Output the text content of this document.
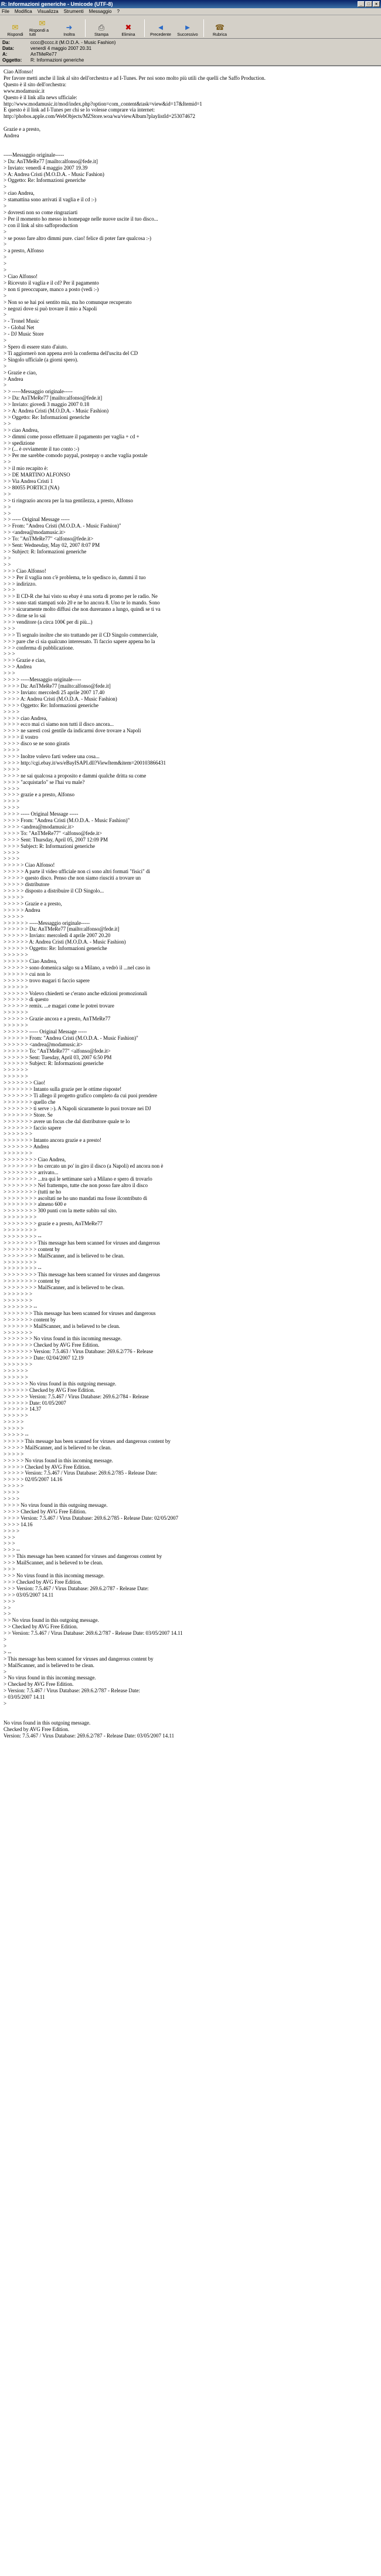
R: Informazioni generiche - Umicode (UTF-8)	_	□	×
File Modifica Visualizza Strumenti Messaggio ?
✉
Rispondi
✉
Rispondi a tutti
➜
Inoltra
⎙
Stampa
✖
Elimina
◄
Precedente
►
Successivo
☎
Rubrica
Da:	cccc@cccc.it (M.O.D.A. - Music Fashion)
Data:	venerdì 4 maggio 2007 20.31
A:	AnTMeRe77
Oggetto:	R: Informazioni generiche
Ciao Alfonso!
Per favore metti anche il link al sito dell'orchestra e ad I-Tunes. Per noi sono molto più utili che quelli che Saffo Production.
Questo è il sito dell'orchestra:
www.modamusic.it
Questo è il link alla news ufficiale:
http://www.modamusic.it/mod/index.php?option=com_content&task=view&id=17&Itemid=1
E questo è il link ad I-Tunes per chi se lo volesse comprare via internet:
http://phobos.apple.com/WebObjects/MZStore.woa/wa/viewAlbum?playlistId=253074672

Grazie e a presto,
Andrea

-----Messaggio originale-----
> Da: AnTMeRe77 [mailto:alfonso@fede.it]
> Inviato: venerdì 4 maggio 2007 19.39
> A: Andrea Cristi (M.O.D.A. - Music Fashion)
> Oggetto: Re: Informazioni generiche
>
> ciao Andrea,
> stamattina sono arrivati il vaglia e il cd :-)
>
> dovresti non so come ringraziarti
> Per il momento ho messo in homepage nelle nuove uscite il tuo disco...
> con il link al sito saffoproduction
>
> se posso fare altro dimmi pure. ciao! felice di poter fare qualcosa :-)
>
> a presto, Alfonso
>
>
>
> Ciao Alfonso!
> Ricevuto il vaglia e il cd? Per il pagamento
> non ti preoccupare, manco a posto (vedi :-)
>
> Non so se hai poi sentito mia, ma ho comunque recuperato
> negozi dove si può trovare il mio a Napoli
>
> - Tronel Music
> - Global Net
> - DJ Music Store
>
> Spero di essere stato d'aiuto.
> Ti aggiornerò non appena avrò la conferma dell'uscita del CD
> Singolo ufficiale (a giorni spero).
>
> Grazie e ciao,
> Andrea
>
> > -----Messaggio originale-----
> > Da: AnTMeRe77 [mailto:alfonso@fede.it]
> > Inviato: giovedì 3 maggio 2007 0.18
> > A: Andrea Cristi (M.O.D.A. - Music Fashion)
> > Oggetto: Re: Informazioni generiche
> >
> > ciao Andrea,
> > dimmi come posso effettuare il pagamento per vaglia + cd +
> > spedizione
> > (... è ovviamente il tuo conto :-)
> > Per me sarebbe comodo paypal, postepay o anche vaglia postale
> >
> > il mio recapito è:
> > DE MARTINO ALFONSO
> > Via Andrea Cristi 1
> > 80055 PORTICI (NA)
> >
> > ti ringrazio ancora per la tua gentilezza, a presto, Alfonso
> >
> >
> > ----- Original Message -----
> > From: "Andrea Cristi (M.O.D.A. - Music Fashion)"
> > <andrea@modamusic.it>
> > To: "AnTMeRe77" <alfonso@fede.it>
> > Sent: Wednesday, May 02, 2007 8:07 PM
> > Subject: R: Informazioni generiche
> >
> >
> > > Ciao Alfonso!
> > > Per il vaglia non c'è problema, te lo spedisco io, dammi il tuo
> > > indirizzo.
> > >
> > > Il CD-R che hai visto su ebay è una sorta di promo per le radio. Ne
> > > sono stati stampati solo 20 e ne ho ancora 8. Uno te lo mando. Sono
> > > sicuramente molto diffusi che non dureranno a lungo, quindi se ti va
> > > dirne se lo sai
> > > venditore (a circa 100€ per di più...)
> > >
> > > Ti segnalo inoltre che sto trattando per il CD Singolo commerciale,
> > > pare che ci sia qualcuno interessato. Ti faccio sapere appena ho la
> > > conferma di pubblicazione.
> > >
> > > Grazie e ciao,
> > > Andrea
> > >
> > > > -----Messaggio originale-----
> > > > Da: AnTMeRe77 [mailto:alfonso@fede.it]
> > > > Inviato: mercoledì 25 aprile 2007 17.40
> > > > A: Andrea Cristi (M.O.D.A. - Music Fashion)
> > > > Oggetto: Re: Informazioni generiche
> > > >
> > > > ciao Andrea,
> > > > ecco mai ci siamo non tutti il disco ancora...
> > > > ne saresti così gentile da indicarmi dove trovare a Napoli
> > > > il vostro
> > > > disco se ne sono giratis
> > > >
> > > > Inoltre volevo farti vedere una cosa...
> > > > http://cgi.ebay.it/ws/eBayISAPI.dll?ViewItem&item=200103866431
> > > >
> > > > ne sai qualcosa a proposito e dammi qualche dritta su come
> > > > "acquistarlo" se l'hai vu male?
> > > >
> > > > grazie e a presto, Alfonso
> > > >
> > > >
> > > > ----- Original Message -----
> > > > From: "Andrea Cristi (M.O.D.A. - Music Fashion)"
> > > > <andrea@modamusic.it>
> > > > To: "AnTMeRe77" <alfonso@fede.it>
> > > > Sent: Thursday, April 05, 2007 12:09 PM
> > > > Subject: R: Informazioni generiche
> > > >
> > > >
> > > > > Ciao Alfonso!
> > > > > A parte il video ufficiale non ci sono altri formati "fisici" di
> > > > > questo disco. Penso che non siamo riusciti a trovare un
> > > > > distributore
> > > > > disposto a distribuire il CD Singolo...
> > > > >
> > > > > Grazie e a presto,
> > > > > Andrea
> > > > >
> > > > > > -----Messaggio originale-----
> > > > > > Da: AnTMeRe77 [mailto:alfonso@fede.it]
> > > > > > Inviato: mercoledì 4 aprile 2007 20.20
> > > > > > A: Andrea Cristi (M.O.D.A. - Music Fashion)
> > > > > > Oggetto: Re: Informazioni generiche
> > > > > >
> > > > > > Ciao Andrea,
> > > > > > sono domenica salgo su a Milano, a vedrò il ...nel caso in
> > > > > > cui non lo
> > > > > > trovo magari ti faccio sapere
> > > > > >
> > > > > > Volevo chiederti se c'erano anche edizioni promozionali
> > > > > > di questo
> > > > > > remix. ...e magari come le potrei trovare
> > > > > >
> > > > > > Grazie ancora e a presto, AnTMeRe77
> > > > > >
> > > > > > ----- Original Message -----
> > > > > > From: "Andrea Cristi (M.O.D.A. - Music Fashion)"
> > > > > > <andrea@modamusic.it>
> > > > > > To: "AnTMeRe77" <alfonso@fede.it>
> > > > > > Sent: Tuesday, April 03, 2007 6:50 PM
> > > > > > Subject: R: Informazioni generiche
> > > > > >
> > > > > >
> > > > > > > Ciao!
> > > > > > > Intanto sulla grazie per le ottime risposte!
> > > > > > > Ti allego il progetto grafico completo da cui puoi prendere
> > > > > > > quello che
> > > > > > > ti serve :-). A Napoli sicuramente lo puoi trovare nei DJ
> > > > > > > Store. Se
> > > > > > > avere un focus che dal distributore quale te lo
> > > > > > > faccio sapere
> > > > > > >
> > > > > > > Intanto ancora grazie e a presto!
> > > > > > > Andrea
> > > > > > >
> > > > > > > > Ciao Andrea,
> > > > > > > > ho cercato un po' in giro il disco (a Napoli) ed ancora non è
> > > > > > > > arrivato...
> > > > > > > > ...tra qui le settimane sarò a Milano e spero di trovarlo
> > > > > > > > Nel frattempo, tutte che non posso fare altro il disco
> > > > > > > > (tutti ne ho
> > > > > > > > ascoltati ne ho uno mandati ma fosse ilcontributo di
> > > > > > > > almeno 600 e
> > > > > > > > 300 punti con la mette subito sul sito.
> > > > > > > >
> > > > > > > > grazie e a presto, AnTMeRe77
> > > > > > > >
> > > > > > > > --
> > > > > > > > This message has been scanned for viruses and dangerous
> > > > > > > > content by
> > > > > > > > MailScanner, and is believed to be clean.
> > > > > > > >
> > > > > > > > --
> > > > > > > > This message has been scanned for viruses and dangerous
> > > > > > > > content by
> > > > > > > > MailScanner, and is believed to be clean.
> > > > > > >
> > > > > > >
> > > > > > > --
> > > > > > > This message has been scanned for viruses and dangerous
> > > > > > > content by
> > > > > > > MailScanner, and is believed to be clean.
> > > > > > >
> > > > > > > No virus found in this incoming message.
> > > > > > > Checked by AVG Free Edition.
> > > > > > > Version: 7.5.463 / Virus Database: 269.6.2/776 - Release
> > > > > > > Date: 02/04/2007 12.19
> > > > > > >
> > > > > >
> > > > > >
> > > > > > No virus found in this outgoing message.
> > > > > > Checked by AVG Free Edition.
> > > > > > Version: 7.5.467 / Virus Database: 269.6.2/784 - Release
> > > > > > Date: 01/05/2007
> > > > > > 14.37
> > > > > >
> > > > >
> > > > >
> > > > > --
> > > > > This message has been scanned for viruses and dangerous content by
> > > > > MailScanner, and is believed to be clean.
> > > > >
> > > > > No virus found in this incoming message.
> > > > > Checked by AVG Free Edition.
> > > > > Version: 7.5.467 / Virus Database: 269.6.2/785 - Release Date:
> > > > > 02/05/2007 14.16
> > > > >
> > > >
> > > >
> > > > No virus found in this outgoing message.
> > > > Checked by AVG Free Edition.
> > > > Version: 7.5.467 / Virus Database: 269.6.2/785 - Release Date: 02/05/2007
> > > > 14.16
> > > >
> > >
> > >
> > > --
> > > This message has been scanned for viruses and dangerous content by
> > > MailScanner, and is believed to be clean.
> > >
> > > No virus found in this incoming message.
> > > Checked by AVG Free Edition.
> > > Version: 7.5.467 / Virus Database: 269.6.2/787 - Release Date:
> > > 03/05/2007 14.11
> > >
> >
> >
> > No virus found in this outgoing message.
> > Checked by AVG Free Edition.
> > Version: 7.5.467 / Virus Database: 269.6.2/787 - Release Date: 03/05/2007 14.11
>
>
> --
> This message has been scanned for viruses and dangerous content by
> MailScanner, and is believed to be clean.
>
> No virus found in this incoming message.
> Checked by AVG Free Edition.
> Version: 7.5.467 / Virus Database: 269.6.2/787 - Release Date:
> 03/05/2007 14.11
>

No virus found in this outgoing message.
Checked by AVG Free Edition.
Version: 7.5.467 / Virus Database: 269.6.2/787 - Release Date: 03/05/2007 14.11
